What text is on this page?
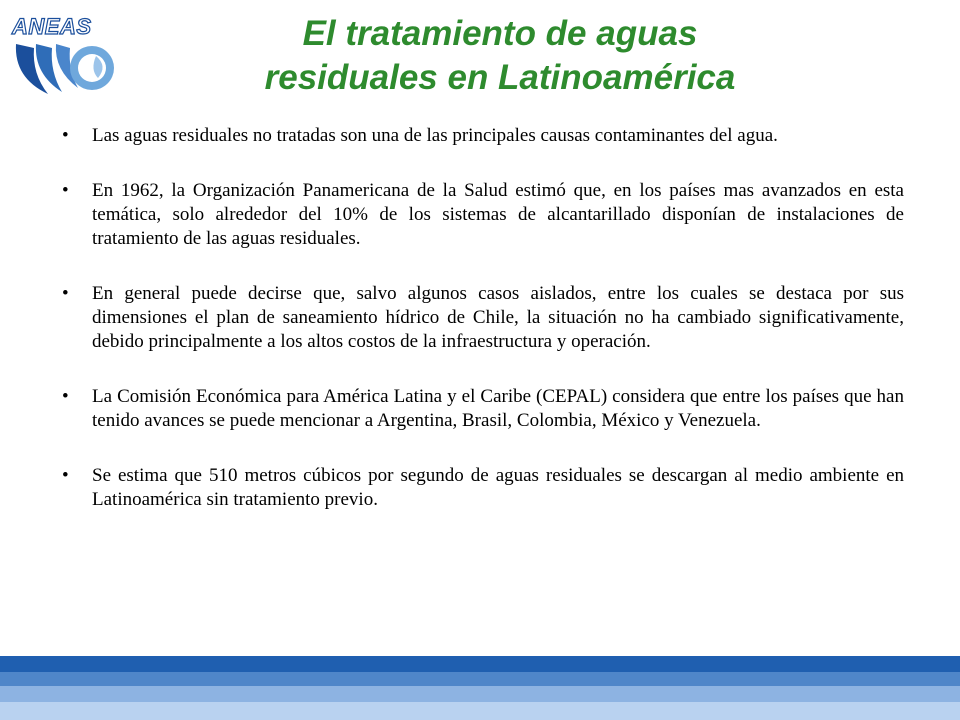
ANEAS	El tratamiento de aguas
residuales en Latinoamérica
• Las aguas residuales no tratadas son una de las principales causas contaminantes del agua.
• En 1962, la Organización Panamericana de la Salud estimó que, en los países mas avanzados en esta temática, solo alrededor del 10% de los sistemas de alcantarillado disponían de instalaciones de tratamiento de las aguas residuales.
• En general puede decirse que, salvo algunos casos aislados, entre los cuales se destaca por sus dimensiones el plan de saneamiento hídrico de Chile, la situación no ha cambiado significativamente, debido principalmente a los altos costos de la infraestructura y operación.
• La Comisión Económica para América Latina y el Caribe (CEPAL) considera que entre los países que han tenido avances se puede mencionar a Argentina, Brasil, Colombia, México y Venezuela.
• Se estima que 510 metros cúbicos por segundo de aguas residuales se descargan al medio ambiente en Latinoamérica sin tratamiento previo.
